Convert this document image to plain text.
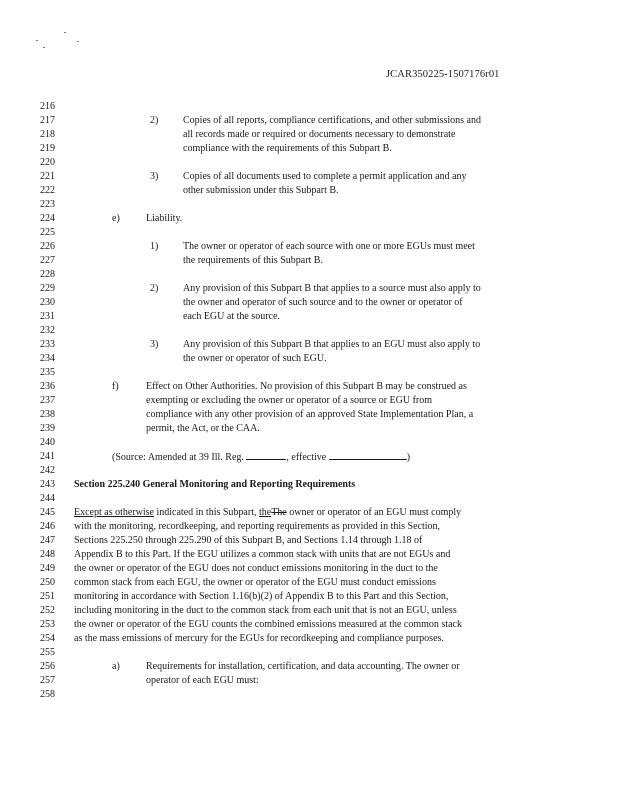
JCAR350225-1507176r01
216
217
218
219
220
221
222
223
224
225
226
227
228
229
230
231
232
233
234
235
236
237
238
239
240
241
242
243
244
245
246
247
248
249
250
251
252
253
254
255
256
257
258
2) Copies of all reports, compliance certifications, and other submissions and
all records made or required or documents necessary to demonstrate
compliance with the requirements of this Subpart B.
3) Copies of all documents used to complete a permit application and any
other submission under this Subpart B.
e)	Liability.
1) The owner or operator of each source with one or more EGUs must meet
the requirements of this Subpart B.
2) Any provision of this Subpart B that applies to a source must also apply to
the owner and operator of such source and to the owner or operator of
each EGU at the source.
3) Any provision of this Subpart B that applies to an EGU must also apply to
the owner or operator of such EGU.
f)	Effect on Other Authorities. No provision of this Subpart B may be construed as
exempting or excluding the owner or operator of a source or EGU from
compliance with any other provision of an approved State Implementation Plan, a
permit, the Act, or the CAA.
(Source: Amended at 39 Ill. Reg.	, effective	)
Section 225.240 General Monitoring and Reporting Requirements
Except as otherwise indicated in this Subpart, theThe owner or operator of an EGU must comply
with the monitoring, recordkeeping, and reporting requirements as provided in this Section,
Sections 225.250 through 225.290 of this Subpart B, and Sections 1.14 through 1.18 of
Appendix B to this Part. If the EGU utilizes a common stack with units that are not EGUs and
the owner or operator of the EGU does not conduct emissions monitoring in the duct to the
common stack from each EGU, the owner or operator of the EGU must conduct emissions
monitoring in accordance with Section 1.16(b)(2) of Appendix B to this Part and this Section,
including monitoring in the duct to the common stack from each unit that is not an EGU, unless
the owner or operator of the EGU counts the combined emissions measured at the common stack
as the mass emissions of mercury for the EGUs for recordkeeping and compliance purposes.
a)	Requirements for installation, certification, and data accounting. The owner or
operator of each EGU must:
